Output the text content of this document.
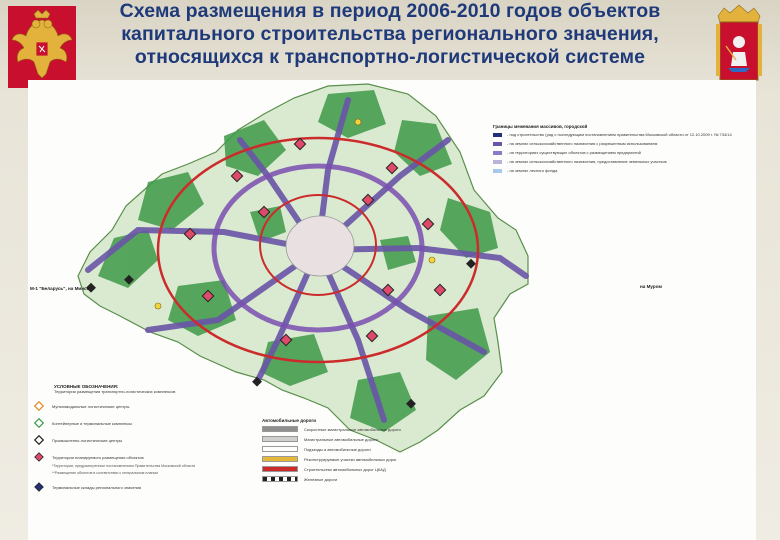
Схема размещения в период 2006-2010 годов объектов
капитального строительства регионального значения,
относящихся к транспортно-логистической системе
М-1 "Беларусь", на Минск	на Муром
Границы межевания массивов, городской
- под строительство (ряд с последующим постановлением правительства Московской области от 12.10.2009 г. № 734/14
- на землях сельскохозяйственного назначения с разрешенным использованием
- на территориях существующих объектов с размещением предприятий
- на землях сельскохозяйственного назначения, предоставление земельных участков
- на землях лесного фонда
УСЛОВНЫЕ ОБОЗНАЧЕНИЯ:
Территории размещения транспортно-логистических комплексов
Мультимодальные логистические центры
Контейнерные и терминальные комплексы
Промышленно-логистические центры
Территории планируемого размещения объектов
*Территории, предусмотренные постановлением Правительства Московской области
**Размещение объектов в соответствии с генеральным планом
Терминальные склады регионального значения
Автомобильные дороги
Скоростные магистральные автомобильные дороги
Магистральные автомобильные дороги
Подъезды и автомобильные дороги
Реконструируемые участки автомобильных дорог
Строительство автомобильных дорог ЦКАД
Железные дороги
